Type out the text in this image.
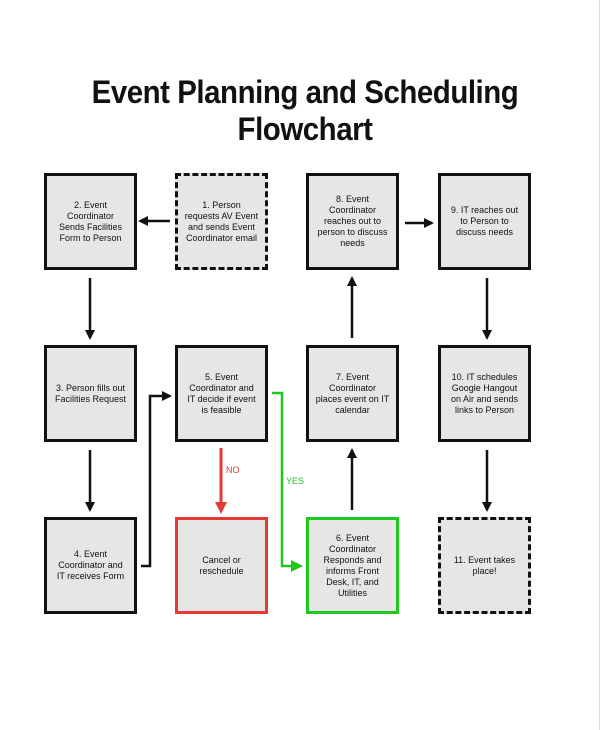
Event Planning and Scheduling Flowchart
2. Event Coordinator Sends Facilities Form to Person
1. Person requests AV Event and sends Event Coordinator email
8. Event Coordinator reaches out to person to discuss needs
9. IT reaches out to Person to discuss needs
3. Person fills out Facilities Request
5. Event Coordinator and IT decide if event is feasible
7. Event Coordinator places event on IT calendar
10. IT schedules Google Hangout on Air and sends links to Person
4. Event Coordinator and IT receives Form
Cancel or reschedule
6. Event Coordinator Responds and informs Front Desk, IT, and Utilities
11. Event takes place!
NO
YES
